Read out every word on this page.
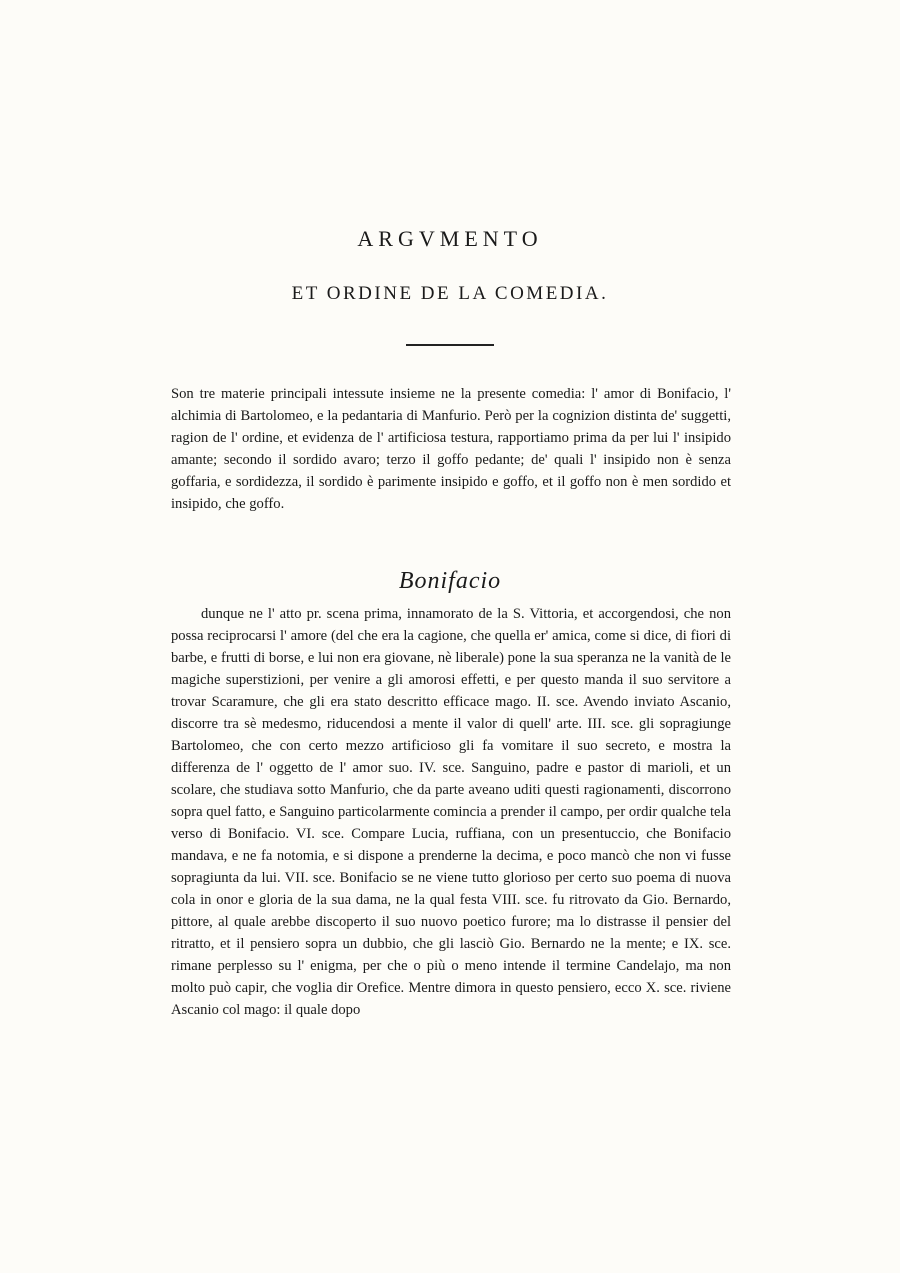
ARGVMENTO
ET ORDINE DE LA COMEDIA.
Son tre materie principali intessute insieme ne la presente comedia: l' amor di Bonifacio, l' alchimia di Bartolomeo, e la pedantaria di Manfurio. Però per la cognizion distinta de' suggetti, ragion de l' ordine, et evidenza de l' artificiosa testura, rapportiamo prima da per lui l' insipido amante; secondo il sordido avaro; terzo il goffo pedante; de' quali l' insipido non è senza goffaria, e sordidezza, il sordido è parimente insipido e goffo, et il goffo non è men sordido et insipido, che goffo.
Bonifacio
dunque ne l' atto pr. scena prima, innamorato de la S. Vittoria, et accorgendosi, che non possa reciprocarsi l' amore (del che era la cagione, che quella er' amica, come si dice, di fiori di barbe, e frutti di borse, e lui non era giovane, nè liberale) pone la sua speranza ne la vanità de le magiche superstizioni, per venire a gli amorosi effetti, e per questo manda il suo servitore a trovar Scaramure, che gli era stato descritto efficace mago. II. sce. Avendo inviato Ascanio, discorre tra sè medesmo, riducendosi a mente il valor di quell' arte. III. sce. gli sopragiunge Bartolomeo, che con certo mezzo artificioso gli fa vomitare il suo secreto, e mostra la differenza de l' oggetto de l' amor suo. IV. sce. Sanguino, padre e pastor di marioli, et un scolare, che studiava sotto Manfurio, che da parte aveano uditi questi ragionamenti, discorrono sopra quel fatto, e Sanguino particolarmente comincia a prender il campo, per ordir qualche tela verso di Bonifacio. VI. sce. Compare Lucia, ruffiana, con un presentuccio, che Bonifacio mandava, e ne fa notomia, e si dispone a prenderne la decima, e poco mancò che non vi fusse sopragiunta da lui. VII. sce. Bonifacio se ne viene tutto glorioso per certo suo poema di nuova cola in onor e gloria de la sua dama, ne la qual festa VIII. sce. fu ritrovato da Gio. Bernardo, pittore, al quale arebbe discoperto il suo nuovo poetico furore; ma lo distrasse il pensier del ritratto, et il pensiero sopra un dubbio, che gli lasciò Gio. Bernardo ne la mente; e IX. sce. rimane perplesso su l' enigma, per che o più o meno intende il termine Candelajo, ma non molto può capir, che voglia dir Orefice. Mentre dimora in questo pensiero, ecco X. sce. riviene Ascanio col mago: il quale dopo
